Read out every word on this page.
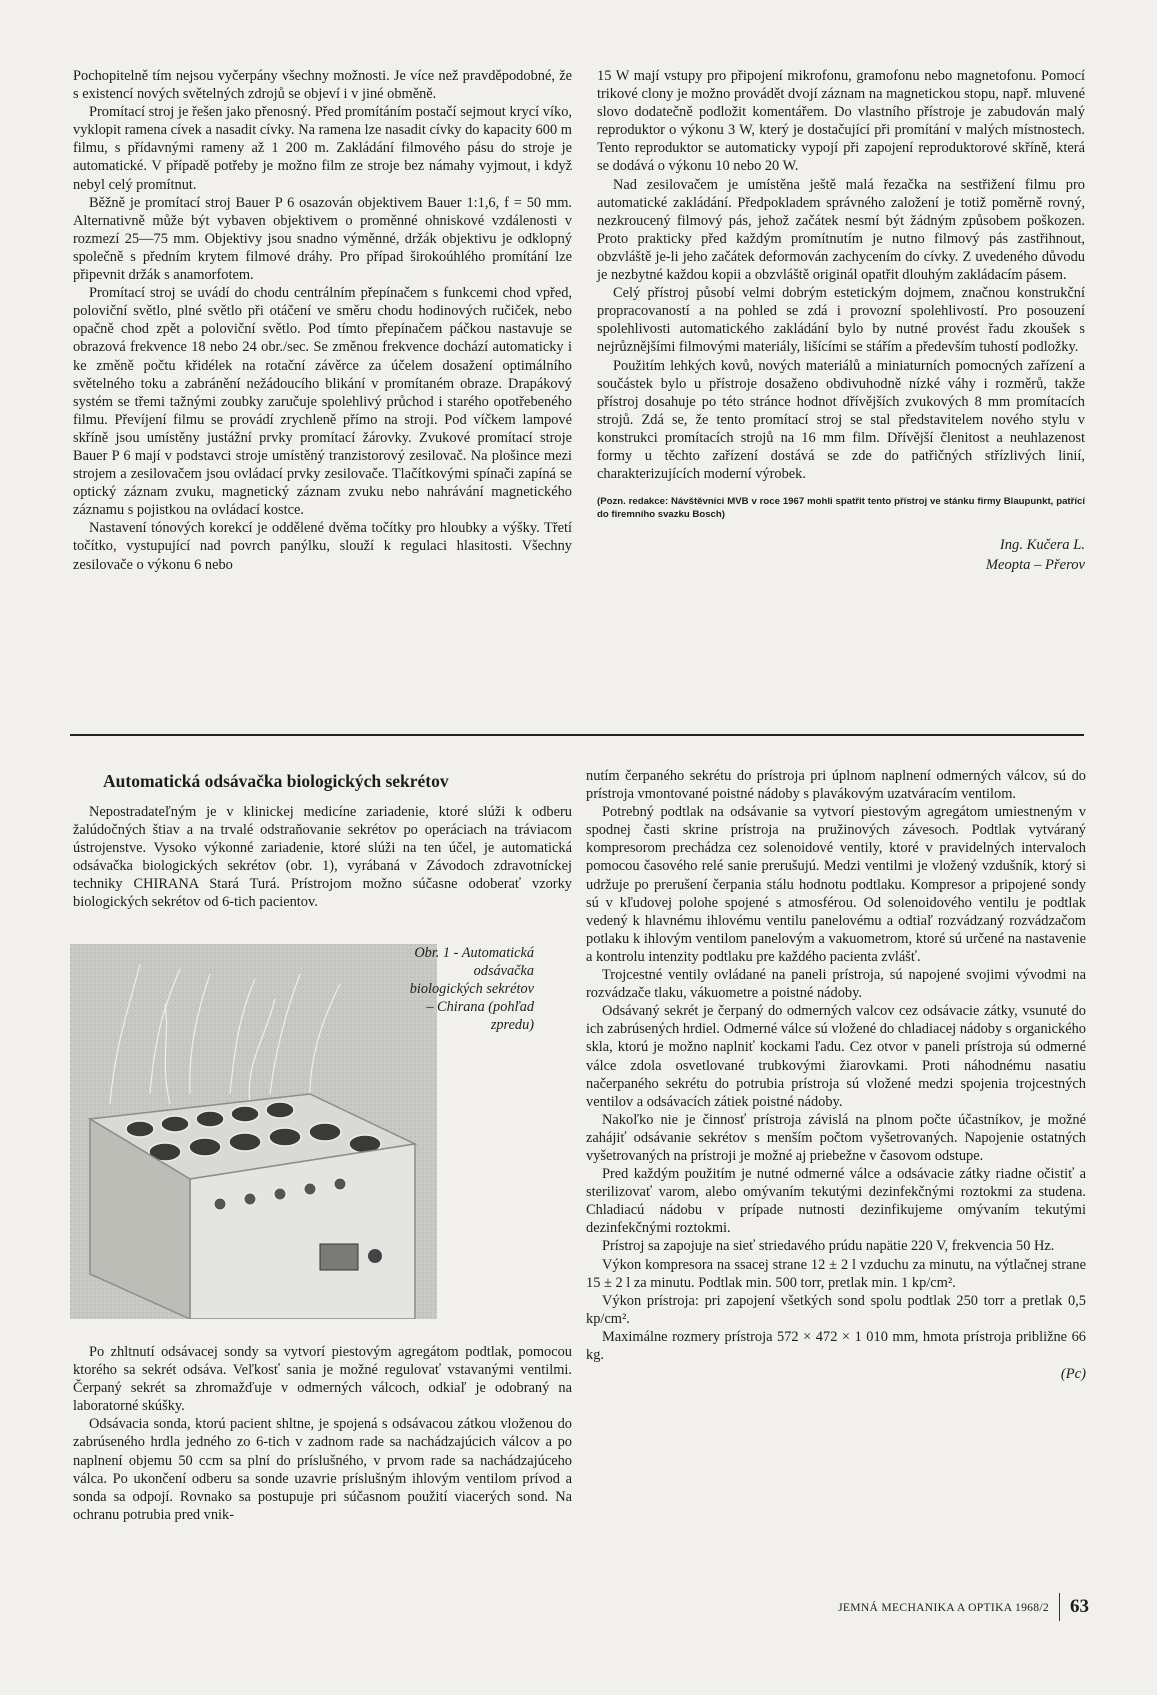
Pochopitelně tím nejsou vyčerpány všechny možnosti. Je více než pravděpodobné, že s existencí nových světelných zdrojů se objeví i v jiné obměně.

Promítací stroj je řešen jako přenosný. Před promítáním postačí sejmout krycí víko, vyklopit ramena cívek a nasadit cívky. Na ramena lze nasadit cívky do kapacity 600 m filmu, s přídavnými rameny až 1 200 m. Zakládání filmového pásu do stroje je automatické. V případě potřeby je možno film ze stroje bez námahy vyjmout, i když nebyl celý promítnut.

Běžně je promítací stroj Bauer P 6 osazován objektivem Bauer 1:1,6, f = 50 mm. Alternativně může být vybaven objektivem o proměnné ohniskové vzdálenosti v rozmezí 25—75 mm. Objektivy jsou snadno výměnné, držák objektivu je odklopný společně s předním krytem filmové dráhy. Pro případ širokoúhlého promítání lze připevnit držák s anamorfotem.

Promítací stroj se uvádí do chodu centrálním přepínačem s funkcemi chod vpřed, poloviční světlo, plné světlo při otáčení ve směru chodu hodinových ručiček, nebo opačně chod zpět a poloviční světlo. Pod tímto přepínačem páčkou nastavuje se obrazová frekvence 18 nebo 24 obr./sec. Se změnou frekvence dochází automaticky i ke změně počtu křidélek na rotační závěrce za účelem dosažení optimálního světelného toku a zabránění nežádoucího blikání v promítaném obraze. Drapákový systém se třemi tažnými zoubky zaručuje spolehlivý průchod i starého opotřebeného filmu. Převíjení filmu se provádí zrychleně přímo na stroji. Pod víčkem lampové skříně jsou umístěny justážní prvky promítací žárovky. Zvukové promítací stroje Bauer P 6 mají v podstavci stroje umístěný tranzistorový zesilovač. Na plošince mezi strojem a zesilovačem jsou ovládací prvky zesilovače. Tlačítkovými spínači zapíná se optický záznam zvuku, magnetický záznam zvuku nebo nahrávání magnetického záznamu s pojistkou na ovládací kostce.

Nastavení tónových korekcí je oddělené dvěma točítky pro hloubky a výšky. Třetí točítko, vystupující nad povrch panýlku, slouží k regulaci hlasitosti. Všechny zesilovače o výkonu 6 nebo

15 W mají vstupy pro připojení mikrofonu, gramofonu nebo magnetofonu. Pomocí trikové clony je možno provádět dvojí záznam na magnetickou stopu, např. mluvené slovo dodatečně podložit komentářem. Do vlastního přístroje je zabudován malý reproduktor o výkonu 3 W, který je dostačující při promítání v malých místnostech. Tento reproduktor se automaticky vypojí při zapojení reproduktorové skříně, která se dodává o výkonu 10 nebo 20 W.

Nad zesilovačem je umístěna ještě malá řezačka na sestřižení filmu pro automatické zakládání. Předpokladem správného založení je totiž poměrně rovný, nezkroucený filmový pás, jehož začátek nesmí být žádným způsobem poškozen. Proto prakticky před každým promítnutím je nutno filmový pás zastřihnout, obzvláště je-li jeho začátek deformován zachycením do cívky. Z uvedeného důvodu je nezbytné každou kopii a obzvláště originál opatřit dlouhým zakládacím pásem.

Celý přístroj působí velmi dobrým estetickým dojmem, značnou konstrukční propracovaností a na pohled se zdá i provozní spolehlivostí. Pro posouzení spolehlivosti automatického zakládání bylo by nutné provést řadu zkoušek s nejrůznějšími filmovými materiály, lišícími se stářím a především tuhostí podložky.

Použitím lehkých kovů, nových materiálů a miniaturních pomocných zařízení a součástek bylo u přístroje dosaženo obdivuhodně nízké váhy i rozměrů, takže přístroj dosahuje po této stránce hodnot dřívějších zvukových 8 mm promítacích strojů. Zdá se, že tento promítací stroj se stal představitelem nového stylu v konstrukci promítacích strojů na 16 mm film. Dřívější členitost a neuhlazenost formy u těchto zařízení dostává se zde do patřičných střízlivých linií, charakterizujících moderní výrobek.

(Pozn. redakce: Návštěvníci MVB v roce 1967 mohli spatřit tento přístroj ve stánku firmy Blaupunkt, patřící do firemního svazku Bosch)
Ing. Kučera L.
Meopta – Přerov
Automatická odsávačka biologických sekrétov

Nepostradateľným je v klinickej medicíne zariadenie, ktoré slúži k odberu žalúdočných štiav a na trvalé odstraňovanie sekrétov po operáciach na tráviacom ústrojenstve. Vysoko výkonné zariadenie, ktoré slúži na ten účel, je automatická odsávačka biologických sekrétov (obr. 1), vyrábaná v Závodoch zdravotníckej techniky CHIRANA Stará Turá. Prístrojom možno súčasne odoberať vzorky biologických sekrétov od 6-tich pacientov.

Obr. 1 - Automatická odsávačka biologických sekrétov – Chirana (pohľad zpredu)

Po zhltnutí odsávacej sondy sa vytvorí piestovým agregátom podtlak, pomocou ktorého sa sekrét odsáva. Veľkosť sania je možné regulovať vstavanými ventilmi. Čerpaný sekrét sa zhromažďuje v odmerných válcoch, odkiaľ je odobraný na laboratorné skúšky.

Odsávacia sonda, ktorú pacient shltne, je spojená s odsávacou zátkou vloženou do zabrúseného hrdla jedného zo 6-tich v zadnom rade sa nachádzajúcich válcov a po naplnení objemu 50 ccm sa plní do príslušného, v prvom rade sa nachádzajúceho válca. Po ukončení odberu sa sonde uzavrie príslušným ihlovým ventilom prívod a sonda sa odpojí. Rovnako sa postupuje pri súčasnom použití viacerých sond. Na ochranu potrubia pred vnik-

nutím čerpaného sekrétu do prístroja pri úplnom naplnení odmerných válcov, sú do prístroja vmontované poistné nádoby s plavákovým uzatváracím ventilom.

Potrebný podtlak na odsávanie sa vytvorí piestovým agregátom umiestneným v spodnej časti skrine prístroja na pružinových závesoch. Podtlak vytváraný kompresorom prechádza cez solenoidové ventily, ktoré v pravidelných intervaloch pomocou časového relé sanie prerušujú. Medzi ventilmi je vložený vzdušník, ktorý si udržuje po prerušení čerpania stálu hodnotu podtlaku. Kompresor a pripojené sondy sú v kľudovej polohe spojené s atmosférou. Od solenoidového ventilu je podtlak vedený k hlavnému ihlovému ventilu panelovému a odtiaľ rozvádzaný rozvádzačom potlaku k ihlovým ventilom panelovým a vakuometrom, ktoré sú určené na nastavenie a kontrolu intenzity podtlaku pre každého pacienta zvlášť.

Trojcestné ventily ovládané na paneli prístroja, sú napojené svojimi vývodmi na rozvádzače tlaku, vákuometre a poistné nádoby.

Odsávaný sekrét je čerpaný do odmerných valcov cez odsávacie zátky, vsunuté do ich zabrúsených hrdiel. Odmerné válce sú vložené do chladiacej nádoby s organického skla, ktorú je možno naplniť kockami ľadu. Cez otvor v paneli prístroja sú odmerné válce zdola osvetlované trubkovými žiarovkami. Proti náhodnému nasatiu načerpaného sekrétu do potrubia prístroja sú vložené medzi spojenia trojcestných ventilov a odsávacích zátiek poistné nádoby.

Nakoľko nie je činnosť prístroja závislá na plnom počte účastníkov, je možné zahájiť odsávanie sekrétov s menším počtom vyšetrovaných. Napojenie ostatných vyšetrovaných na prístroji je možné aj priebežne v časovom odstupe.

Pred každým použitím je nutné odmerné válce a odsávacie zátky riadne očistiť a sterilizovať varom, alebo omývaním tekutými dezinfekčnými roztokmi za studena. Chladiacú nádobu v prípade nutnosti dezinfikujeme omývaním tekutými dezinfekčnými roztokmi.

Prístroj sa zapojuje na sieť striedavého prúdu napätie 220 V, frekvencia 50 Hz.

Výkon kompresora na ssacej strane 12 ± 2 l vzduchu za minutu, na výtlačnej strane 15 ± 2 l za minutu. Podtlak min. 500 torr, pretlak min. 1 kp/cm².

Výkon prístroja: pri zapojení všetkých sond spolu podtlak 250 torr a pretlak 0,5 kp/cm².

Maximálne rozmery prístroja 572 × 472 × 1 010 mm, hmota prístroja približne 66 kg.

(Pc)
JEMNÁ MECHANIKA A OPTIKA 1968/2	63
